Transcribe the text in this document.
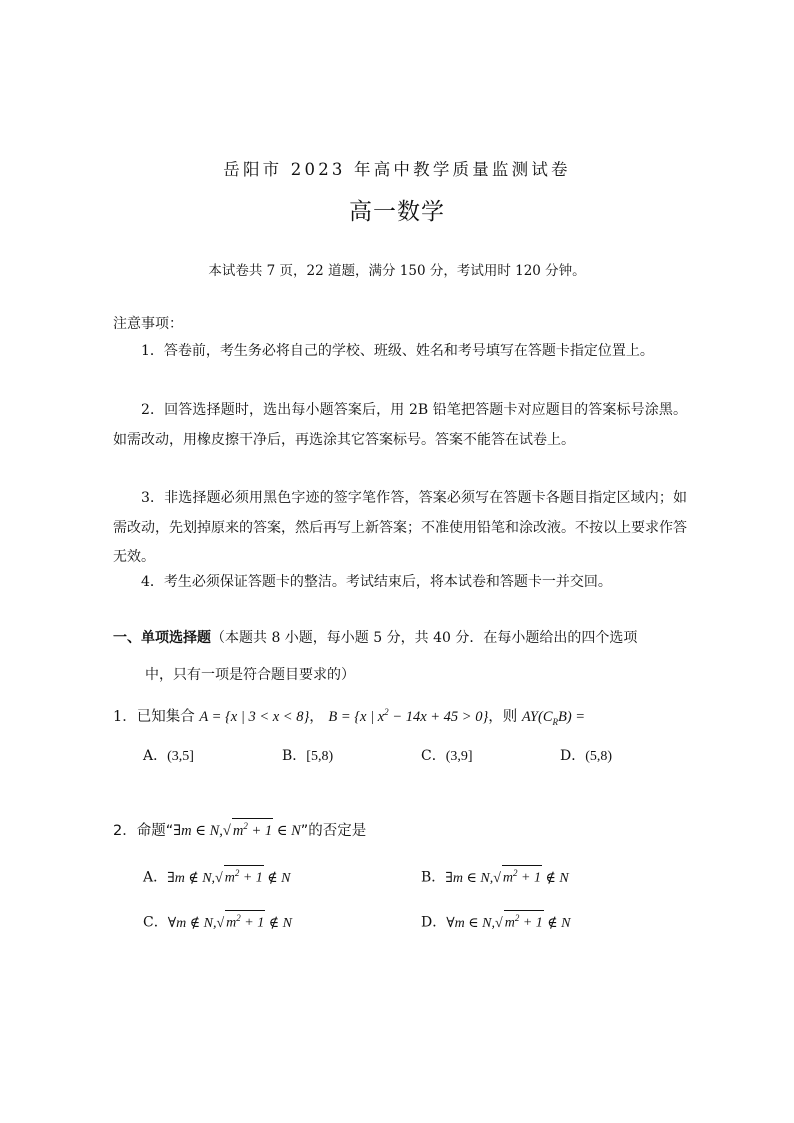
岳阳市 2023 年高中教学质量监测试卷
高一数学
本试卷共 7 页，22 道题，满分 150 分，考试用时 120 分钟。
注意事项：
1．答卷前，考生务必将自己的学校、班级、姓名和考号填写在答题卡指定位置上。
2．回答选择题时，选出每小题答案后，用 2B 铅笔把答题卡对应题目的答案标号涂黑。如需改动，用橡皮擦干净后，再选涂其它答案标号。答案不能答在试卷上。
3．非选择题必须用黑色字迹的签字笔作答，答案必须写在答题卡各题目指定区域内；如需改动，先划掉原来的答案，然后再写上新答案；不准使用铅笔和涂改液。不按以上要求作答无效。
4．考生必须保证答题卡的整洁。考试结束后，将本试卷和答题卡一并交回。
一、单项选择题（本题共 8 小题，每小题 5 分，共 40 分．在每小题给出的四个选项
中，只有一项是符合题目要求的）
1．已知集合 A = {x | 3 < x < 8}， B = {x | $x^2 - 14x + 45 > 0$}，则 $AY(C_RB)$ =
A．(3,5]	B．[5,8)	C．(3,9]	D．(5,8)
2．命题“∃m ∈ N,√ $m^2 + 1$ ∈ N”的否定是
A．∃m ∉ N,√ $m^2 + 1$ ∉ N	B．∃m ∈ N,√ $m^2 + 1$ ∉ N
C．∀m ∉ N,√ $m^2 + 1$ ∉ N	D．∀m ∈ N,√ $m^2 + 1$ ∉ N
